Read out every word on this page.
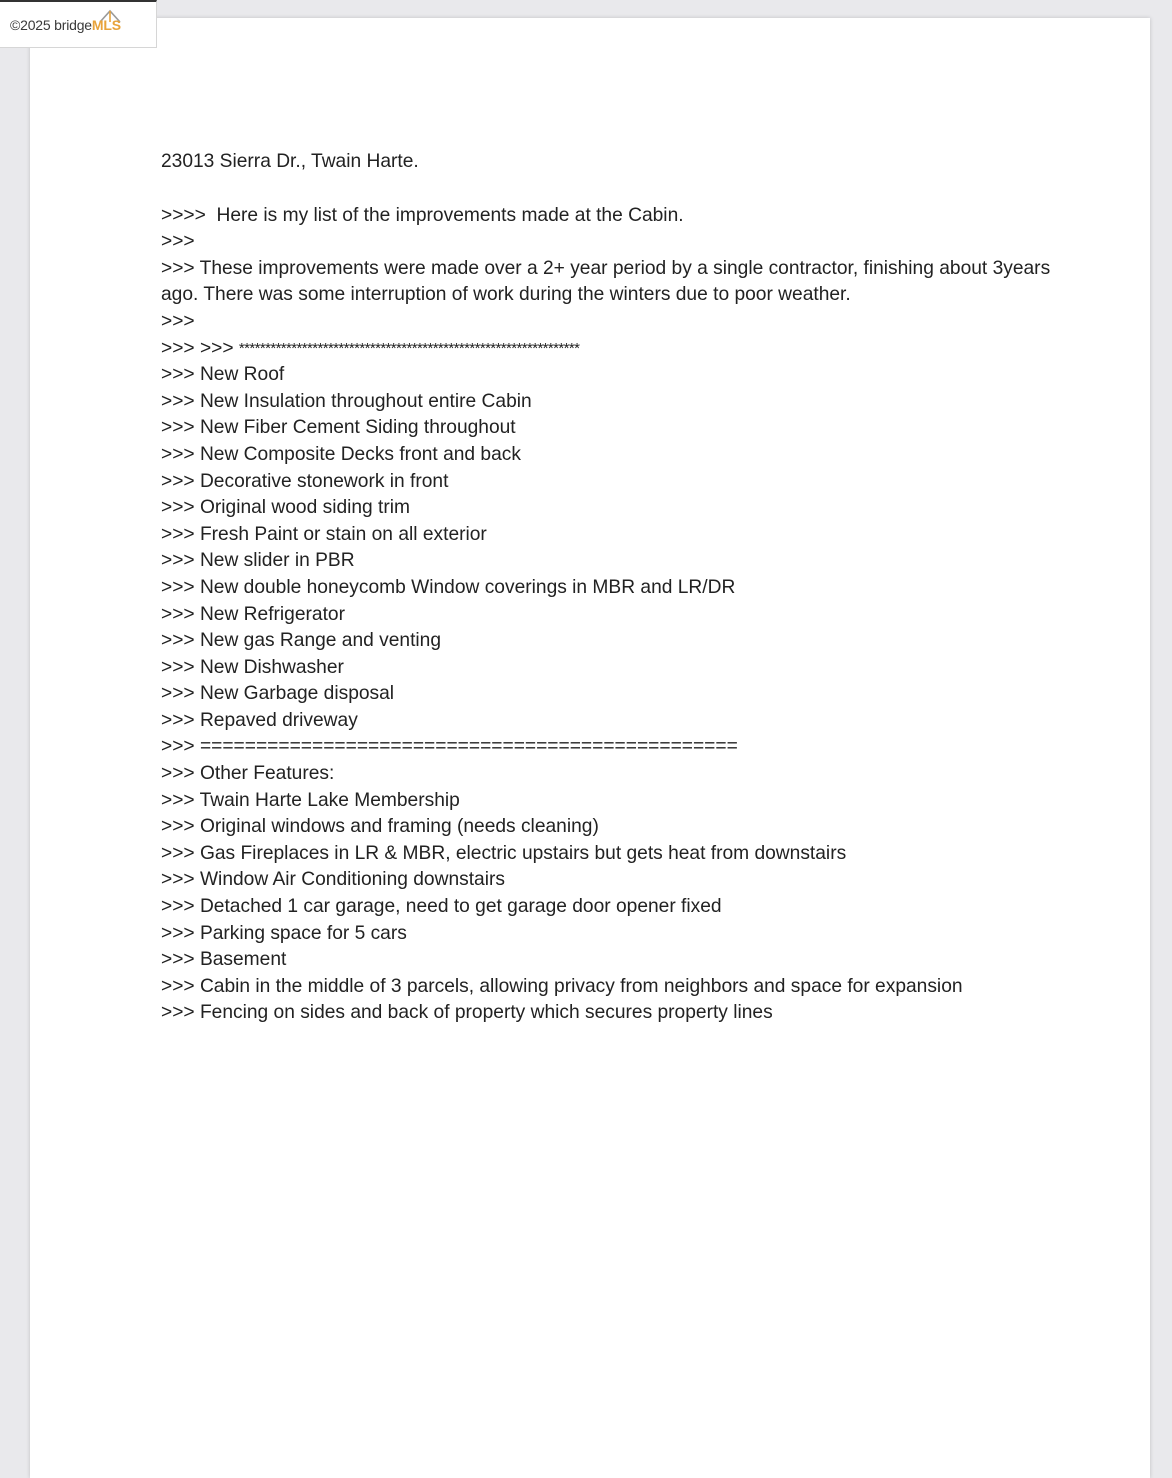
©2025 bridgeMLS
23013 Sierra Dr., Twain Harte.
>>>>  Here is my list of the improvements made at the Cabin.
>>>
>>> These improvements were made over a 2+ year period by a single contractor, finishing about 3years ago. There was some interruption of work during the winters due to poor weather.
>>>
>>> >>> *****************************************************************
>>> New Roof
>>> New Insulation throughout entire Cabin
>>> New Fiber Cement Siding throughout
>>> New Composite Decks front and back
>>> Decorative stonework in front
>>> Original wood siding trim
>>> Fresh Paint or stain on all exterior
>>> New slider in PBR
>>> New double honeycomb Window coverings in MBR and LR/DR
>>> New Refrigerator
>>> New gas Range and venting
>>> New Dishwasher
>>> New Garbage disposal
>>> Repaved driveway
>>> ================================================
>>> Other Features:
>>> Twain Harte Lake Membership
>>> Original windows and framing (needs cleaning)
>>> Gas Fireplaces in LR & MBR, electric upstairs but gets heat from downstairs
>>> Window Air Conditioning downstairs
>>> Detached 1 car garage, need to get garage door opener fixed
>>> Parking space for 5 cars
>>> Basement
>>> Cabin in the middle of 3 parcels, allowing privacy from neighbors and space for expansion
>>> Fencing on sides and back of property which secures property lines
